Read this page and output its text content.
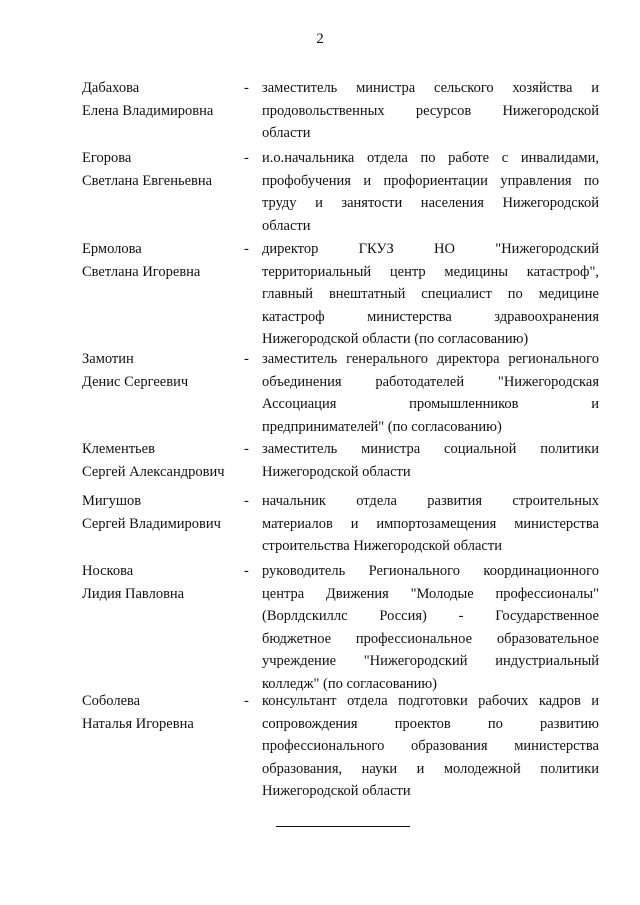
2
Дабахова
Елена Владимировна
- заместитель министра сельского хозяйства и
продовольственных ресурсов Нижегородской
области
Егорова
Светлана Евгеньевна
- и.о.начальника отдела по работе с инвалидами,
профобучения и профориентации управления по
труду и занятости населения Нижегородской
области
Ермолова
Светлана Игоревна
- директор ГКУЗ НО "Нижегородский
территориальный центр медицины катастроф",
главный внештатный специалист по медицине
катастроф министерства здравоохранения
Нижегородской области (по согласованию)
Замотин
Денис Сергеевич
- заместитель генерального директора регионального
объединения работодателей "Нижегородская
Ассоциация промышленников и
предпринимателей" (по согласованию)
Клементьев
Сергей Александрович
- заместитель министра социальной политики
Нижегородской области
Мигушов
Сергей Владимирович
- начальник отдела развития строительных
материалов и импортозамещения министерства
строительства Нижегородской области
Носкова
Лидия Павловна
- руководитель Регионального координационного
центра Движения "Молодые профессионалы"
(Ворлдскиллс Россия) - Государственное
бюджетное профессиональное образовательное
учреждение "Нижегородский индустриальный
колледж" (по согласованию)
Соболева
Наталья Игоревна
- консультант отдела подготовки рабочих кадров и
сопровождения проектов по развитию
профессионального образования министерства
образования, науки и молодежной политики
Нижегородской области
